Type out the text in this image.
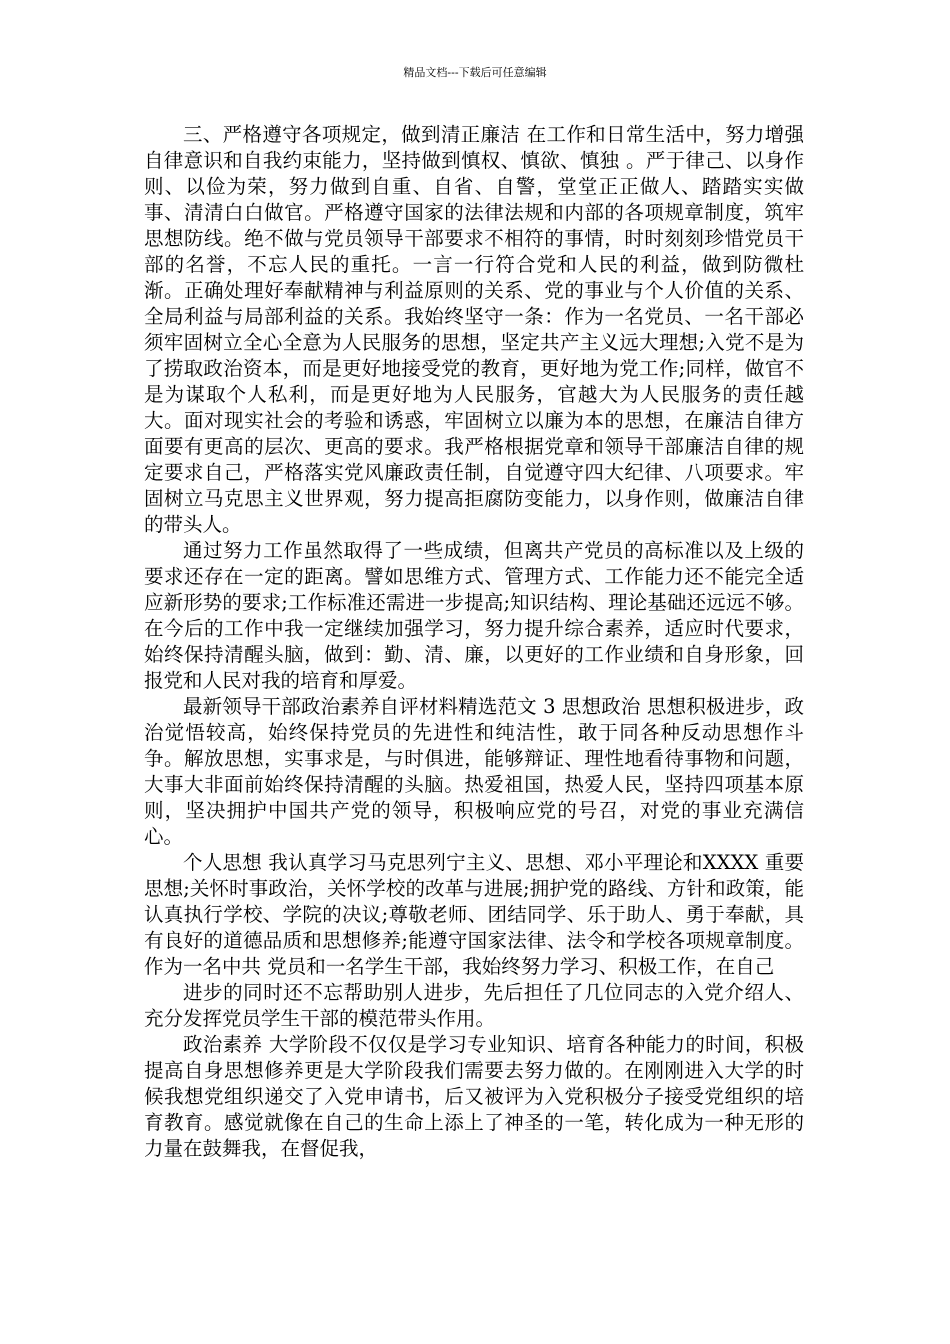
精品文档---下载后可任意编辑

三、严格遵守各项规定，做到清正廉洁 在工作和日常生活中，努力增强自律意识和自我约束能力，坚持做到慎权、慎欲、慎独 。严于律己、以身作则、以俭为荣，努力做到自重、自省、自警，堂堂正正做人、踏踏实实做事、清清白白做官。严格遵守国家的法律法规和内部的各项规章制度，筑牢思想防线。绝不做与党员领导干部要求不相符的事情，时时刻刻珍惜党员干部的名誉，不忘人民的重托。一言一行符合党和人民的利益，做到防微杜渐。正确处理好奉献精神与利益原则的关系、党的事业与个人价值的关系、全局利益与局部利益的关系。我始终坚守一条：作为一名党员、一名干部必须牢固树立全心全意为人民服务的思想，坚定共产主义远大理想;入党不是为了捞取政治资本，而是更好地接受党的教育，更好地为党工作;同样，做官不是为谋取个人私利，而是更好地为人民服务，官越大为人民服务的责任越大。面对现实社会的考验和诱惑，牢固树立以廉为本的思想，在廉洁自律方面要有更高的层次、更高的要求。我严格根据党章和领导干部廉洁自律的规定要求自己，严格落实党风廉政责任制，自觉遵守四大纪律、八项要求。牢固树立马克思主义世界观，努力提高拒腐防变能力，以身作则，做廉洁自律的带头人。

通过努力工作虽然取得了一些成绩，但离共产党员的高标准以及上级的要求还存在一定的距离。譬如思维方式、管理方式、工作能力还不能完全适应新形势的要求;工作标准还需进一步提高;知识结构、理论基础还远远不够。在今后的工作中我一定继续加强学习，努力提升综合素养，适应时代要求，始终保持清醒头脑，做到：勤、清、廉，以更好的工作业绩和自身形象，回报党和人民对我的培育和厚爱。

最新领导干部政治素养自评材料精选范文 3 思想政治 思想积极进步，政治觉悟较高，始终保持党员的先进性和纯洁性，敢于同各种反动思想作斗争。解放思想，实事求是，与时俱进，能够辩证、理性地看待事物和问题，大事大非面前始终保持清醒的头脑。热爱祖国，热爱人民，坚持四项基本原则，坚决拥护中国共产党的领导，积极响应党的号召，对党的事业充满信心。

个人思想 我认真学习马克思列宁主义、思想、邓小平理论和XXXX 重要思想;关怀时事政治，关怀学校的改革与进展;拥护党的路线、方针和政策，能认真执行学校、学院的决议;尊敬老师、团结同学、乐于助人、勇于奉献，具有良好的道德品质和思想修养;能遵守国家法律、法令和学校各项规章制度。作为一名中共 党员和一名学生干部，我始终努力学习、积极工作，在自己

进步的同时还不忘帮助别人进步，先后担任了几位同志的入党介绍人、充分发挥党员学生干部的模范带头作用。

政治素养 大学阶段不仅仅是学习专业知识、培育各种能力的时间，积极提高自身思想修养更是大学阶段我们需要去努力做的。在刚刚进入大学的时候我想党组织递交了入党申请书，后又被评为入党积极分子接受党组织的培育教育。感觉就像在自己的生命上添上了神圣的一笔，转化成为一种无形的力量在鼓舞我，在督促我，
